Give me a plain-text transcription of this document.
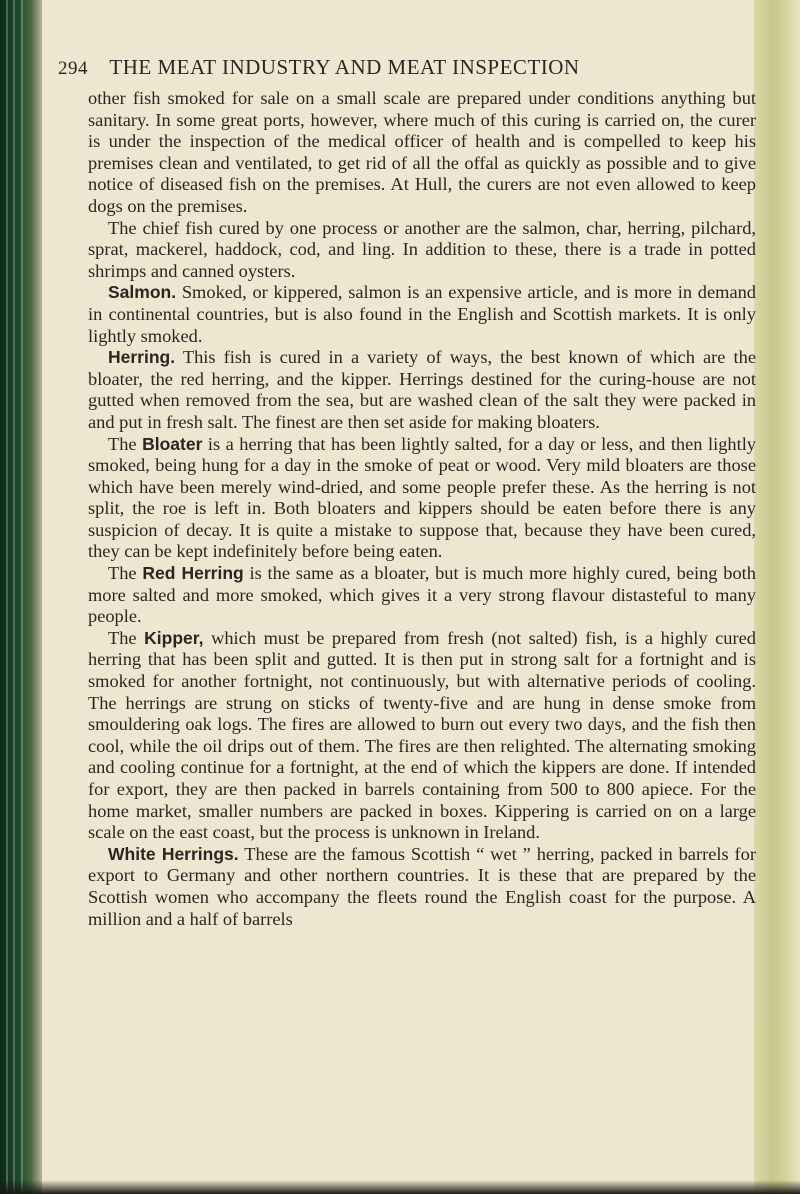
294 THE MEAT INDUSTRY AND MEAT INSPECTION

other fish smoked for sale on a small scale are prepared under conditions anything but sanitary. In some great ports, however, where much of this curing is carried on, the curer is under the inspection of the medical officer of health and is compelled to keep his premises clean and ventilated, to get rid of all the offal as quickly as possible and to give notice of diseased fish on the premises. At Hull, the curers are not even allowed to keep dogs on the premises.

The chief fish cured by one process or another are the salmon, char, herring, pilchard, sprat, mackerel, haddock, cod, and ling. In addition to these, there is a trade in potted shrimps and canned oysters.

Salmon. Smoked, or kippered, salmon is an expensive article, and is more in demand in continental countries, but is also found in the English and Scottish markets. It is only lightly smoked.

Herring. This fish is cured in a variety of ways, the best known of which are the bloater, the red herring, and the kipper. Herrings destined for the curing-house are not gutted when removed from the sea, but are washed clean of the salt they were packed in and put in fresh salt. The finest are then set aside for making bloaters.

The Bloater is a herring that has been lightly salted, for a day or less, and then lightly smoked, being hung for a day in the smoke of peat or wood. Very mild bloaters are those which have been merely wind-dried, and some people prefer these. As the herring is not split, the roe is left in. Both bloaters and kippers should be eaten before there is any suspicion of decay. It is quite a mistake to suppose that, because they have been cured, they can be kept indefinitely before being eaten.

The Red Herring is the same as a bloater, but is much more highly cured, being both more salted and more smoked, which gives it a very strong flavour distasteful to many people.

The Kipper, which must be prepared from fresh (not salted) fish, is a highly cured herring that has been split and gutted. It is then put in strong salt for a fortnight and is smoked for another fortnight, not continuously, but with alternative periods of cooling. The herrings are strung on sticks of twenty-five and are hung in dense smoke from smouldering oak logs. The fires are allowed to burn out every two days, and the fish then cool, while the oil drips out of them. The fires are then relighted. The alternating smoking and cooling continue for a fortnight, at the end of which the kippers are done. If intended for export, they are then packed in barrels containing from 500 to 800 apiece. For the home market, smaller numbers are packed in boxes. Kippering is carried on on a large scale on the east coast, but the process is unknown in Ireland.

White Herrings. These are the famous Scottish “ wet ” herring, packed in barrels for export to Germany and other northern countries. It is these that are prepared by the Scottish women who accompany the fleets round the English coast for the purpose. A million and a half of barrels
